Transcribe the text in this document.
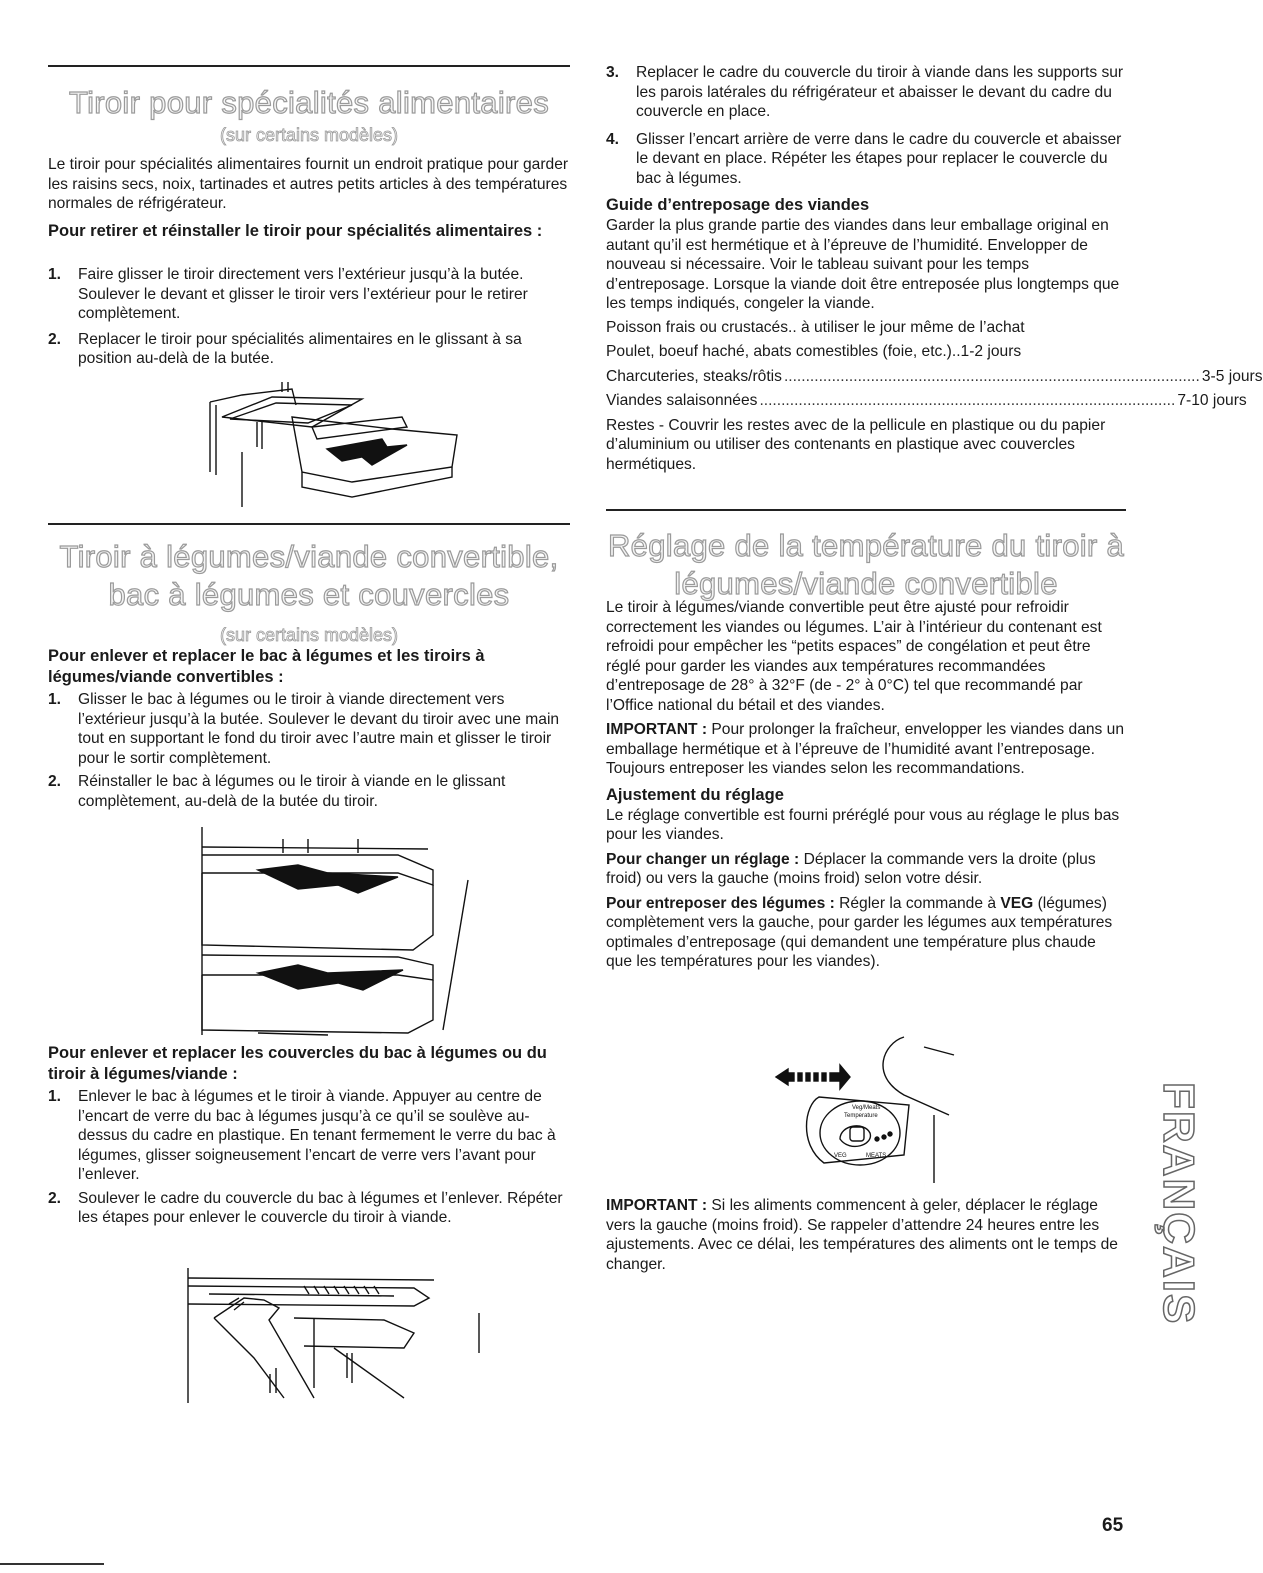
Tiroir pour spécialités alimentaires

(sur certains modèles)

Le tiroir pour spécialités alimentaires fournit un endroit pratique pour garder les raisins secs, noix, tartinades et autres petits articles à des températures normales de réfrigérateur.

Pour retirer et réinstaller le tiroir pour spécialités alimentaires :

1. Faire glisser le tiroir directement vers l’extérieur jusqu’à la butée. Soulever le devant et glisser le tiroir vers l’extérieur pour le retirer complètement.
2. Replacer le tiroir pour spécialités alimentaires en le glissant à sa position au-delà de la butée.
Tiroir à légumes/viande convertible,
bac à légumes et couvercles

(sur certains modèles)

Pour enlever et replacer le bac à légumes et les tiroirs à légumes/viande convertibles :

1. Glisser le bac à légumes ou le tiroir à viande directement vers l’extérieur jusqu’à la butée. Soulever le devant du tiroir avec une main tout en supportant le fond du tiroir avec l’autre main et glisser le tiroir pour le sortir complètement.
2. Réinstaller le bac à légumes ou le tiroir à viande en le glissant complètement, au-delà de la butée du tiroir.

Pour enlever et replacer les couvercles du bac à légumes ou du tiroir à légumes/viande :

1. Enlever le bac à légumes et le tiroir à viande. Appuyer au centre de l’encart de verre du bac à légumes jusqu’à ce qu’il se soulève au-dessus du cadre en plastique. En tenant fermement le verre du bac à légumes, glisser soigneusement l’encart de verre vers l’avant pour l’enlever.
2. Soulever le cadre du couvercle du bac à légumes et l’enlever. Répéter les étapes pour enlever le couvercle du tiroir à viande.
3. Replacer le cadre du couvercle du tiroir à viande dans les supports sur les parois latérales du réfrigérateur et abaisser le devant du cadre du couvercle en place.
4. Glisser l’encart arrière de verre dans le cadre du couvercle et abaisser le devant en place. Répéter les étapes pour replacer le couvercle du bac à légumes.

Guide d’entreposage des viandes

Garder la plus grande partie des viandes dans leur emballage original en autant qu’il est hermétique et à l’épreuve de l’humidité. Envelopper de nouveau si nécessaire. Voir le tableau suivant pour les temps d’entreposage. Lorsque la viande doit être entreposée plus longtemps que les temps indiqués, congeler la viande.

Poisson frais ou crustacés.. à utiliser le jour même de l’achat

Poulet, boeuf haché, abats comestibles (foie, etc.).. 1-2 jours
Charcuteries, steaks/rôtis ................................................................................................ 3-5 jours
Viandes salaisonnées ................................................................................................ 7-10 jours

Restes - Couvrir les restes avec de la pellicule en plastique ou du papier d’aluminium ou utiliser des contenants en plastique avec couvercles hermétiques.

Réglage de la température du tiroir à
légumes/viande convertible

Le tiroir à légumes/viande convertible peut être ajusté pour refroidir correctement les viandes ou légumes. L’air à l’intérieur du contenant est refroidi pour empêcher les “petits espaces” de congélation et peut être réglé pour garder les viandes aux températures recommandées d’entreposage de 28° à 32°F (de - 2° à 0°C) tel que recommandé par l’Office national du bétail et des viandes.

IMPORTANT : Pour prolonger la fraîcheur, envelopper les viandes dans un emballage hermétique et à l’épreuve de l’humidité avant l’entreposage. Toujours entreposer les viandes selon les recommandations.

Ajustement du réglage

Le réglage convertible est fourni préréglé pour vous au réglage le plus bas pour les viandes.

Pour changer un réglage : Déplacer la commande vers la droite (plus froid) ou vers la gauche (moins froid) selon votre désir.

Pour entreposer des légumes : Régler la commande à VEG (légumes) complètement vers la gauche, pour garder les légumes aux températures optimales d’entreposage (qui demandent une température plus chaude que les températures pour les viandes).

Veg/Meats
Temperature
VEG	MEATS

IMPORTANT : Si les aliments commencent à geler, déplacer le réglage vers la gauche (moins froid). Se rappeler d’attendre 24 heures entre les ajustements. Avec ce délai, les températures des aliments ont le temps de changer.	FRANÇAIS
65
